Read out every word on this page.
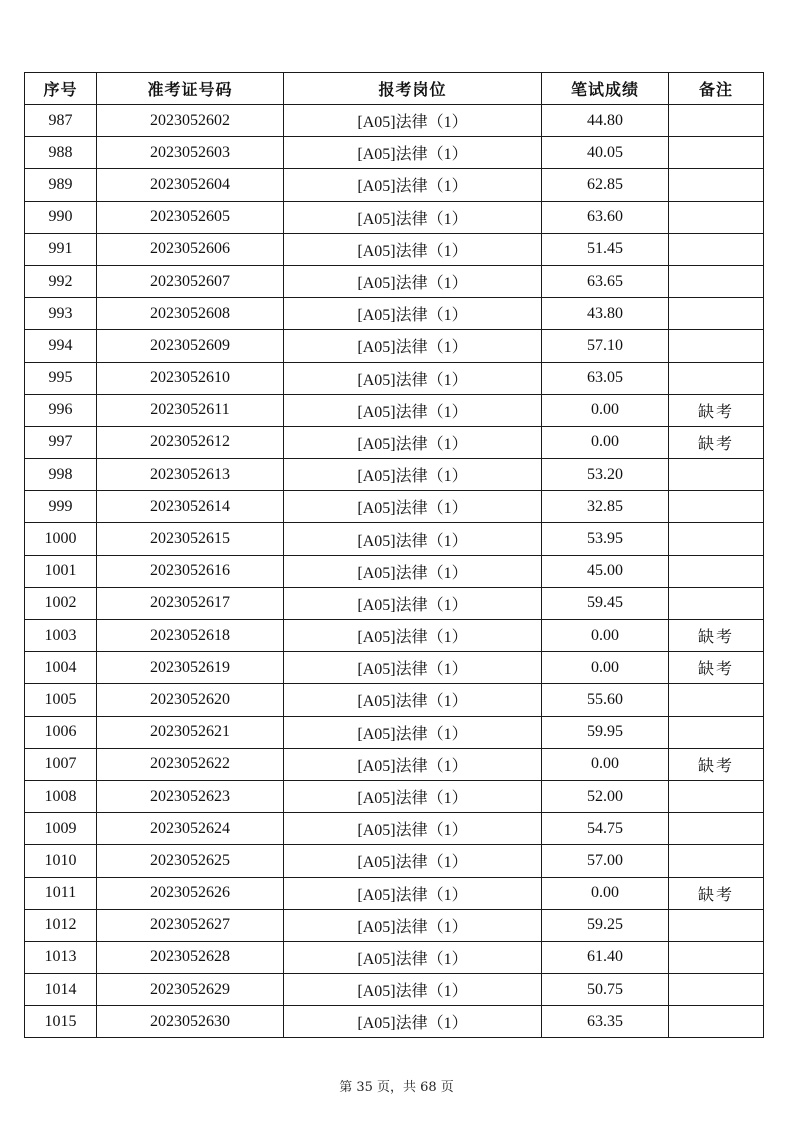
序号	准考证号码	报考岗位	笔试成绩	备注
987	2023052602	[A05]法律（1）	44.80	
988	2023052603	[A05]法律（1）	40.05	
989	2023052604	[A05]法律（1）	62.85	
990	2023052605	[A05]法律（1）	63.60	
991	2023052606	[A05]法律（1）	51.45	
992	2023052607	[A05]法律（1）	63.65	
993	2023052608	[A05]法律（1）	43.80	
994	2023052609	[A05]法律（1）	57.10	
995	2023052610	[A05]法律（1）	63.05	
996	2023052611	[A05]法律（1）	0.00	缺考
997	2023052612	[A05]法律（1）	0.00	缺考
998	2023052613	[A05]法律（1）	53.20	
999	2023052614	[A05]法律（1）	32.85	
1000	2023052615	[A05]法律（1）	53.95	
1001	2023052616	[A05]法律（1）	45.00	
1002	2023052617	[A05]法律（1）	59.45	
1003	2023052618	[A05]法律（1）	0.00	缺考
1004	2023052619	[A05]法律（1）	0.00	缺考
1005	2023052620	[A05]法律（1）	55.60	
1006	2023052621	[A05]法律（1）	59.95	
1007	2023052622	[A05]法律（1）	0.00	缺考
1008	2023052623	[A05]法律（1）	52.00	
1009	2023052624	[A05]法律（1）	54.75	
1010	2023052625	[A05]法律（1）	57.00	
1011	2023052626	[A05]法律（1）	0.00	缺考
1012	2023052627	[A05]法律（1）	59.25	
1013	2023052628	[A05]法律（1）	61.40	
1014	2023052629	[A05]法律（1）	50.75	
1015	2023052630	[A05]法律（1）	63.35	
第 35 页，共 68 页
